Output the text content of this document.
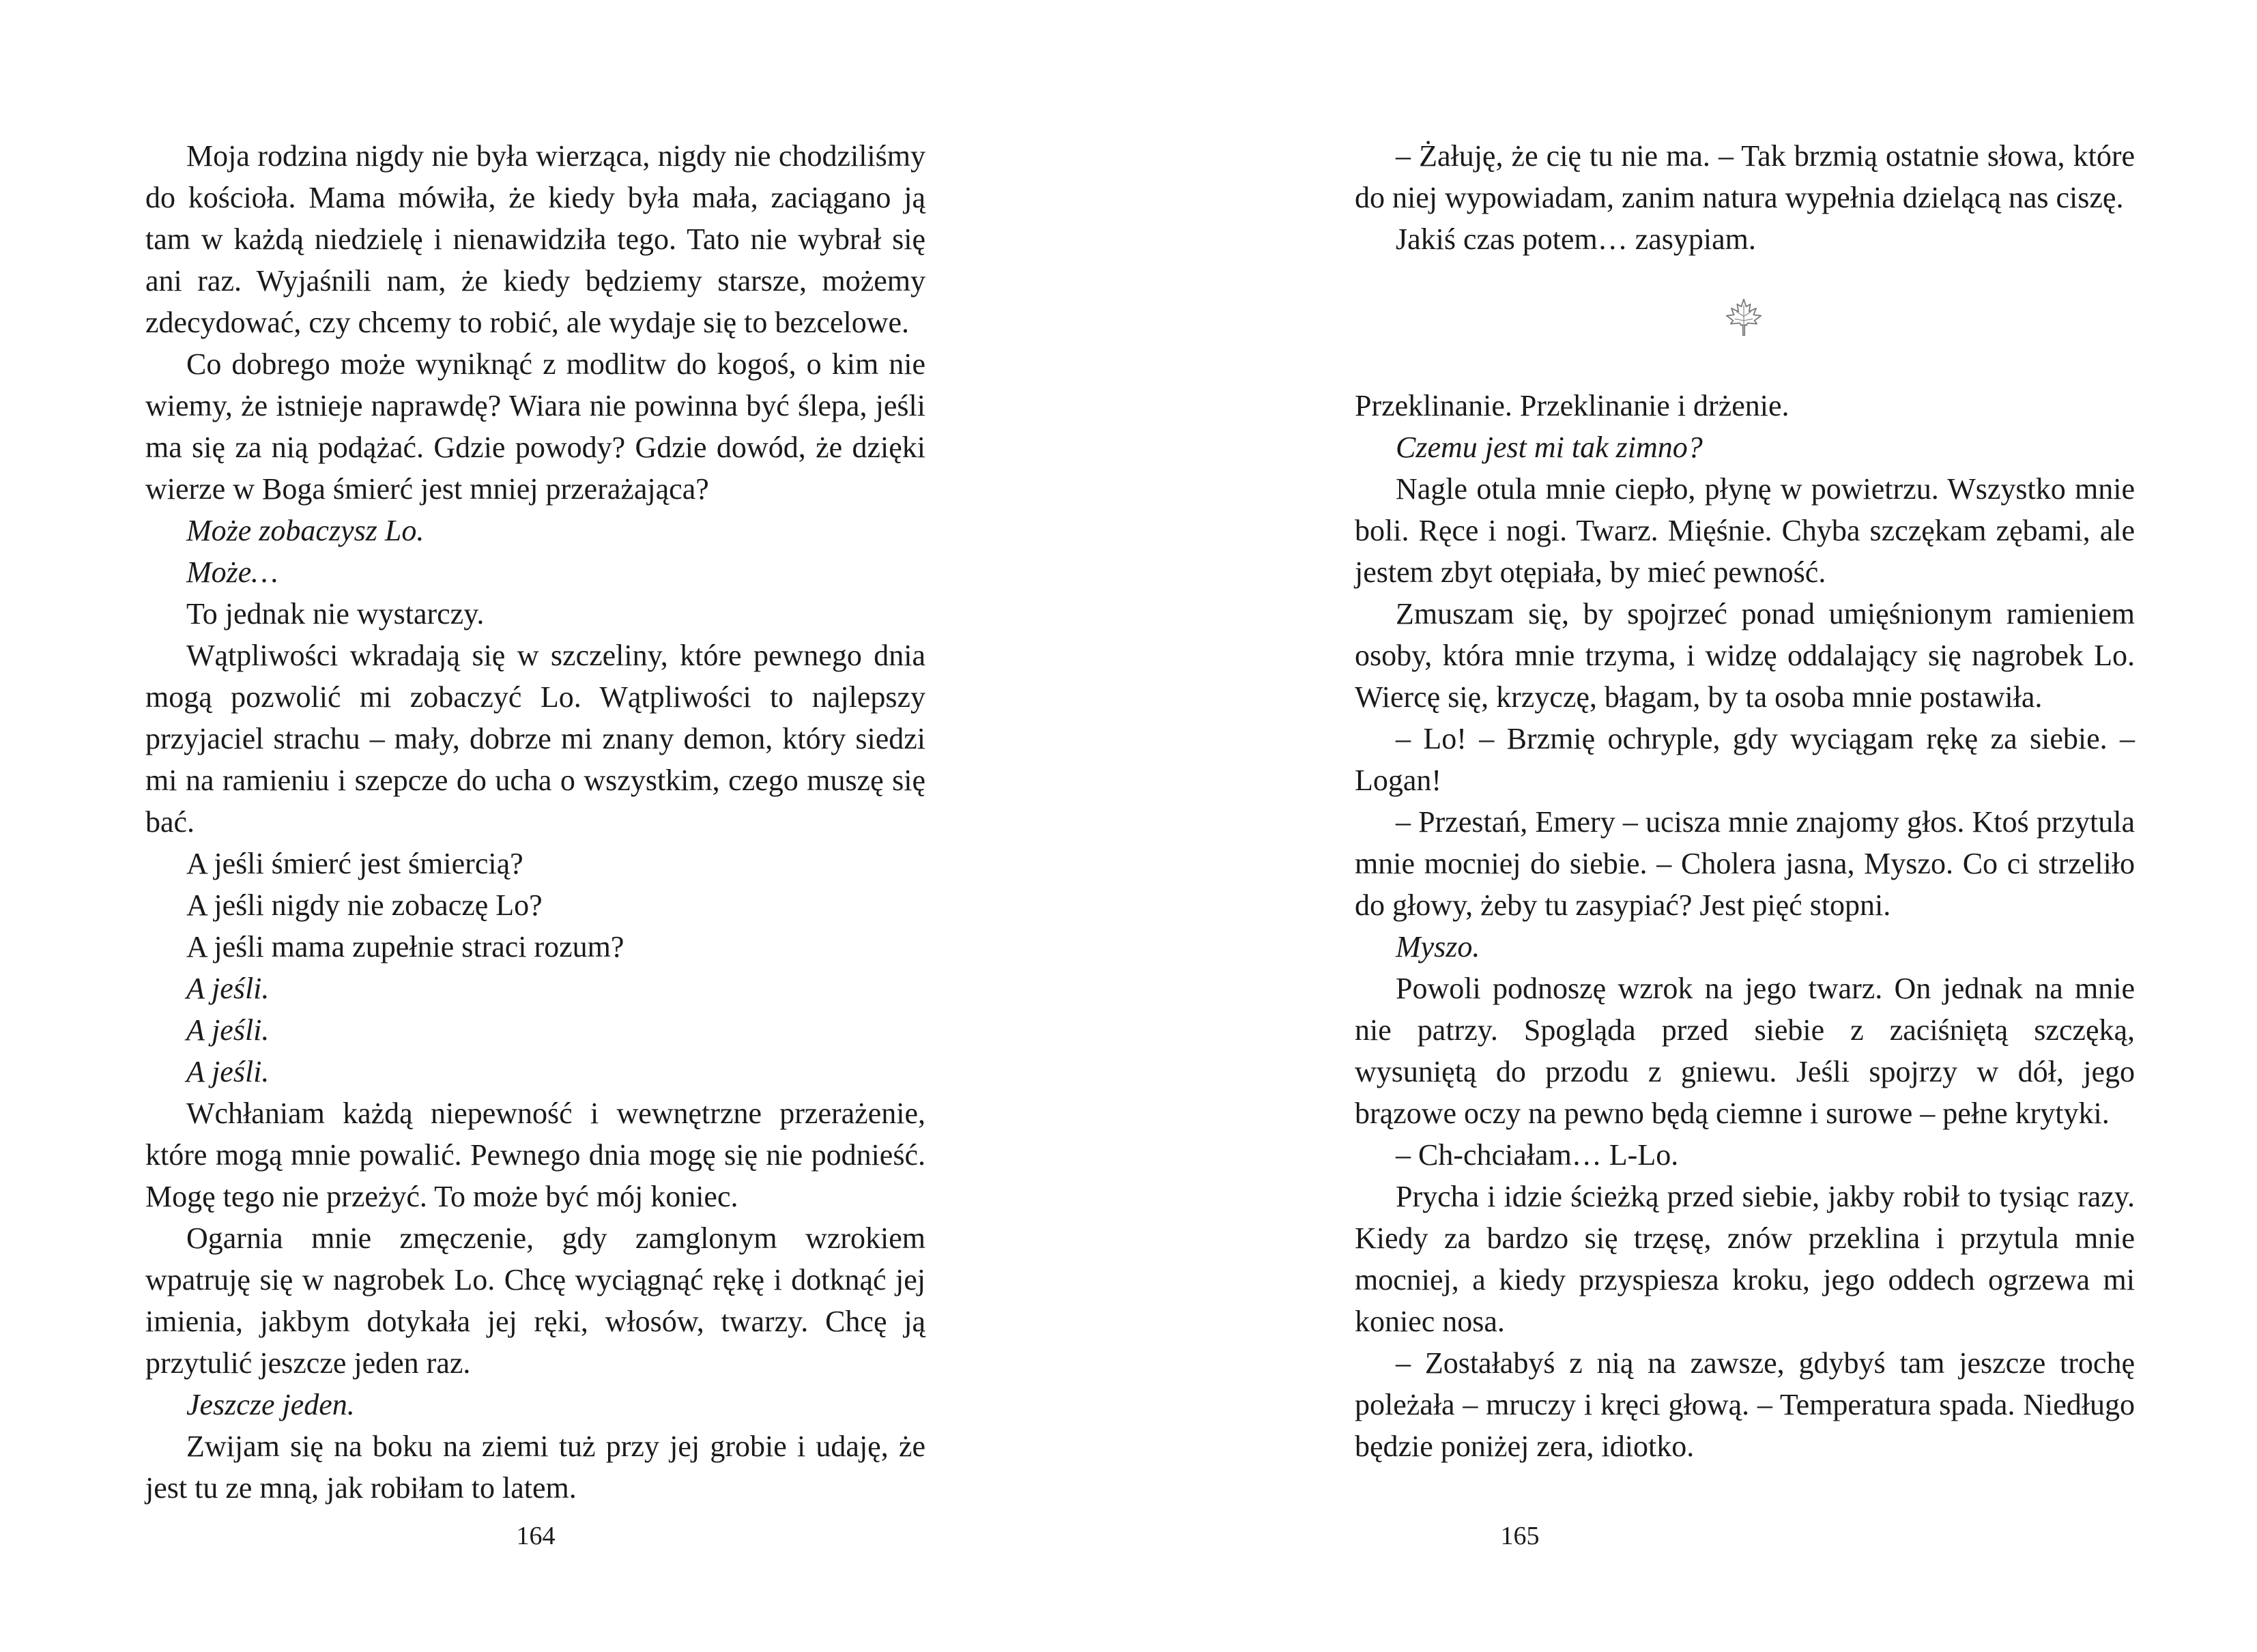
Moja rodzina nigdy nie była wierząca, nigdy nie chodziliśmy do kościoła. Mama mówiła, że kiedy była mała, zaciągano ją tam w każdą niedzielę i nienawidziła tego. Tato nie wybrał się ani raz. Wyjaśnili nam, że kiedy będziemy starsze, możemy zdecydować, czy chcemy to robić, ale wydaje się to bezcelowe.

Co dobrego może wyniknąć z modlitw do kogoś, o kim nie wiemy, że istnieje naprawdę? Wiara nie powinna być ślepa, jeśli ma się za nią podążać. Gdzie powody? Gdzie dowód, że dzięki wierze w Boga śmierć jest mniej przerażająca?

Może zobaczysz Lo.

Może…

To jednak nie wystarczy.

Wątpliwości wkradają się w szczeliny, które pewnego dnia mogą pozwolić mi zobaczyć Lo. Wątpliwości to najlepszy przyjaciel strachu – mały, dobrze mi znany demon, który siedzi mi na ramieniu i szepcze do ucha o wszystkim, czego muszę się bać.

A jeśli śmierć jest śmiercią?

A jeśli nigdy nie zobaczę Lo?

A jeśli mama zupełnie straci rozum?

A jeśli.

A jeśli.

A jeśli.

Wchłaniam każdą niepewność i wewnętrzne przerażenie, które mogą mnie powalić. Pewnego dnia mogę się nie podnieść. Mogę tego nie przeżyć. To może być mój koniec.

Ogarnia mnie zmęczenie, gdy zamglonym wzrokiem wpatruję się w nagrobek Lo. Chcę wyciągnąć rękę i dotknąć jej imienia, jakbym dotykała jej ręki, włosów, twarzy. Chcę ją przytulić jeszcze jeden raz.

Jeszcze jeden.

Zwijam się na boku na ziemi tuż przy jej grobie i udaję, że jest tu ze mną, jak robiłam to latem.

164

– Żałuję, że cię tu nie ma. – Tak brzmią ostatnie słowa, które do niej wypowiadam, zanim natura wypełnia dzielącą nas ciszę.

Jakiś czas potem… zasypiam.

Przeklinanie. Przeklinanie i drżenie.

Czemu jest mi tak zimno?

Nagle otula mnie ciepło, płynę w powietrzu. Wszystko mnie boli. Ręce i nogi. Twarz. Mięśnie. Chyba szczękam zębami, ale jestem zbyt otępiała, by mieć pewność.

Zmuszam się, by spojrzeć ponad umięśnionym ramieniem osoby, która mnie trzyma, i widzę oddalający się nagrobek Lo. Wiercę się, krzyczę, błagam, by ta osoba mnie postawiła.

– Lo! – Brzmię ochryple, gdy wyciągam rękę za siebie. – Logan!

– Przestań, Emery – ucisza mnie znajomy głos. Ktoś przytula mnie mocniej do siebie. – Cholera jasna, Myszo. Co ci strzeliło do głowy, żeby tu zasypiać? Jest pięć stopni.

Myszo.

Powoli podnoszę wzrok na jego twarz. On jednak na mnie nie patrzy. Spogląda przed siebie z zaciśniętą szczęką, wysuniętą do przodu z gniewu. Jeśli spojrzy w dół, jego brązowe oczy na pewno będą ciemne i surowe – pełne krytyki.

– Ch-chciałam… L-Lo.

Prycha i idzie ścieżką przed siebie, jakby robił to tysiąc razy. Kiedy za bardzo się trzęsę, znów przeklina i przytula mnie mocniej, a kiedy przyspiesza kroku, jego oddech ogrzewa mi koniec nosa.

– Zostałabyś z nią na zawsze, gdybyś tam jeszcze trochę poleżała – mruczy i kręci głową. – Temperatura spada. Niedługo będzie poniżej zera, idiotko.

165
